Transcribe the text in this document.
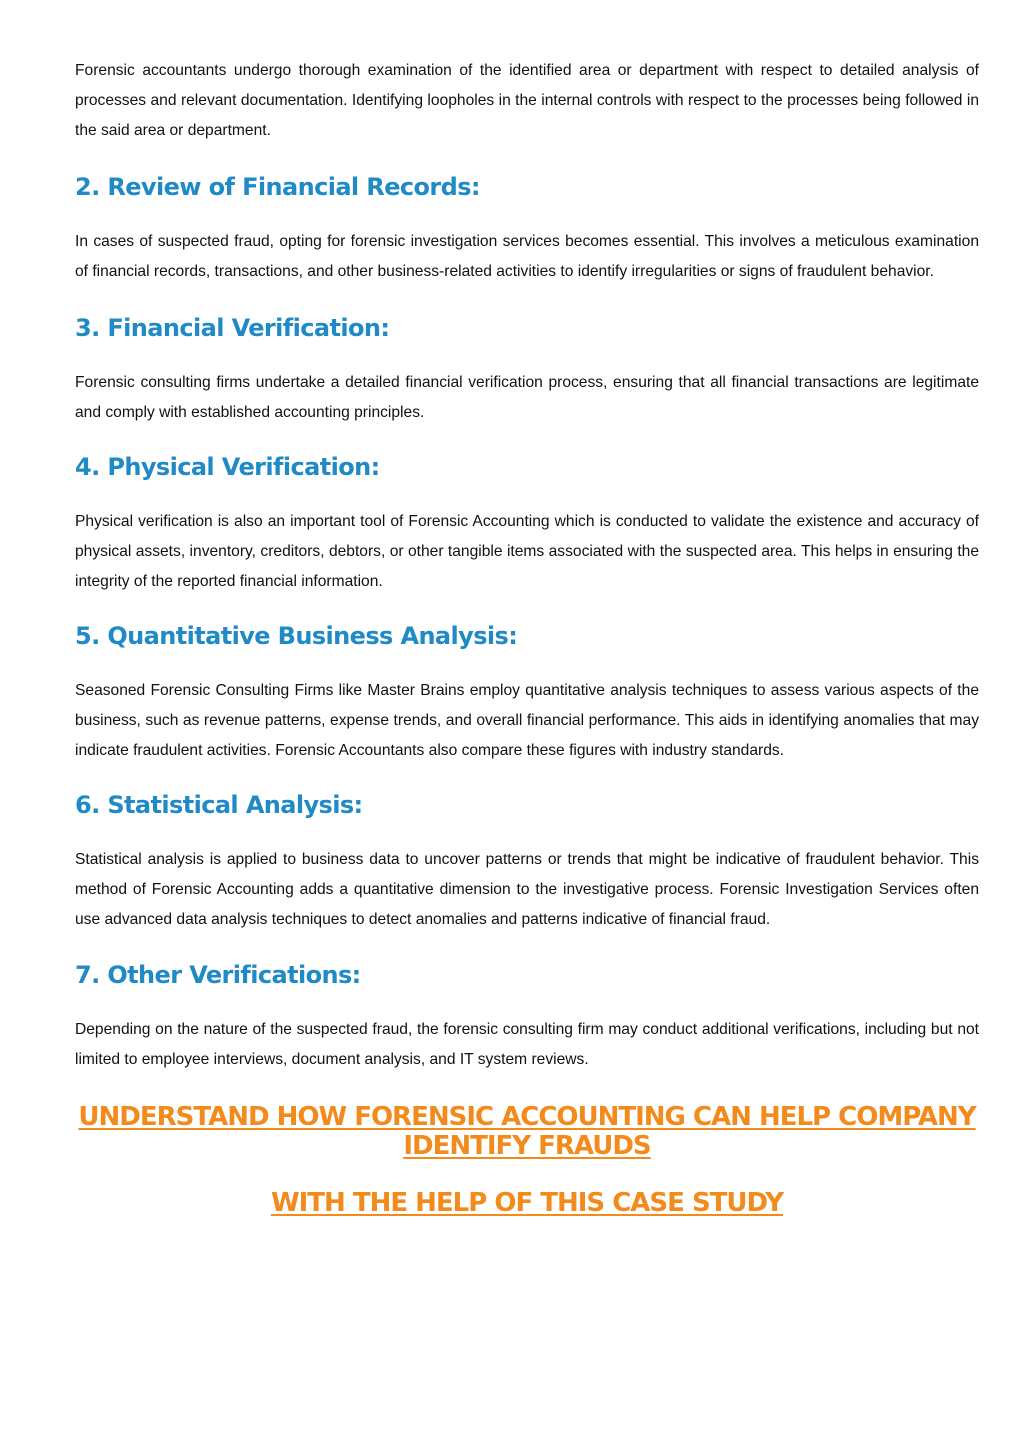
Forensic accountants undergo thorough examination of the identified area or department with respect to detailed analysis of processes and relevant documentation. Identifying loopholes in the internal controls with respect to the processes being followed in the said area or department.

2. Review of Financial Records:

In cases of suspected fraud, opting for forensic investigation services becomes essential. This involves a meticulous examination of financial records, transactions, and other business-related activities to identify irregularities or signs of fraudulent behavior.

3. Financial Verification:

Forensic consulting firms undertake a detailed financial verification process, ensuring that all financial transactions are legitimate and comply with established accounting principles.

4. Physical Verification:

Physical verification is also an important tool of Forensic Accounting which is conducted to validate the existence and accuracy of physical assets, inventory, creditors, debtors, or other tangible items associated with the suspected area. This helps in ensuring the integrity of the reported financial information.

5. Quantitative Business Analysis:

Seasoned Forensic Consulting Firms like Master Brains employ quantitative analysis techniques to assess various aspects of the business, such as revenue patterns, expense trends, and overall financial performance. This aids in identifying anomalies that may indicate fraudulent activities. Forensic Accountants also compare these figures with industry standards.

6. Statistical Analysis:

Statistical analysis is applied to business data to uncover patterns or trends that might be indicative of fraudulent behavior. This method of Forensic Accounting adds a quantitative dimension to the investigative process. Forensic Investigation Services often use advanced data analysis techniques to detect anomalies and patterns indicative of financial fraud.

7. Other Verifications:

Depending on the nature of the suspected fraud, the forensic consulting firm may conduct additional verifications, including but not limited to employee interviews, document analysis, and IT system reviews.

UNDERSTAND HOW FORENSIC ACCOUNTING CAN HELP COMPANY IDENTIFY FRAUDS
WITH THE HELP OF THIS CASE STUDY
